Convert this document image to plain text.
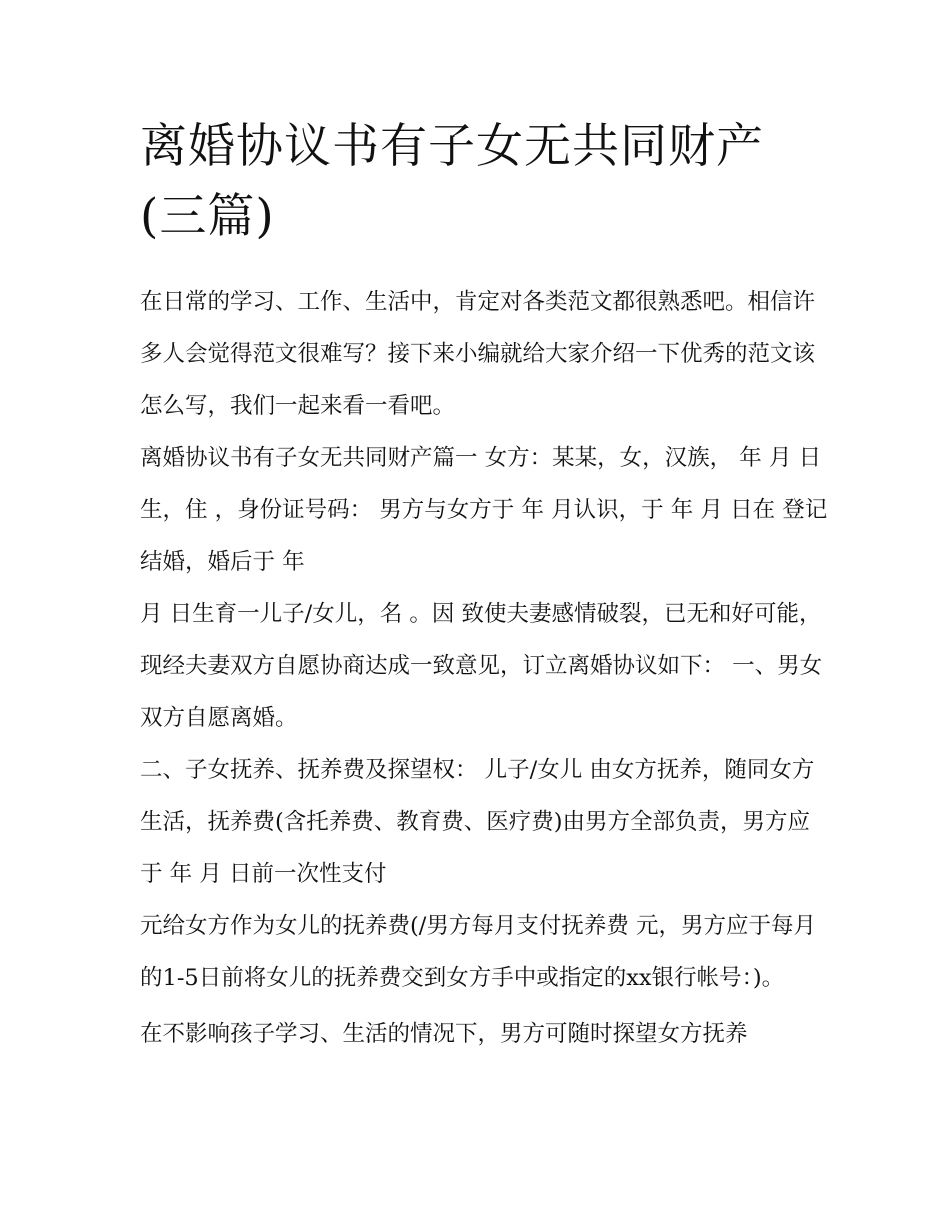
离婚协议书有子女无共同财产(三篇)

在日常的学习、工作、生活中，肯定对各类范文都很熟悉吧。相信许多人会觉得范文很难写？接下来小编就给大家介绍一下优秀的范文该怎么写，我们一起来看一看吧。

离婚协议书有子女无共同财产篇一 女方：某某，女，汉族， 年 月 日生，住 ，身份证号码： 男方与女方于 年 月认识，于 年 月 日在 登记结婚，婚后于 年

月 日生育一儿子/女儿，名 。因 致使夫妻感情破裂，已无和好可能，现经夫妻双方自愿协商达成一致意见，订立离婚协议如下： 一、男女双方自愿离婚。

二、子女抚养、抚养费及探望权： 儿子/女儿 由女方抚养，随同女方生活，抚养费(含托养费、教育费、医疗费)由男方全部负责，男方应于 年 月 日前一次性支付

元给女方作为女儿的抚养费(/男方每月支付抚养费 元，男方应于每月的1-5日前将女儿的抚养费交到女方手中或指定的xx银行帐号：)。

在不影响孩子学习、生活的情况下，男方可随时探望女方抚养
